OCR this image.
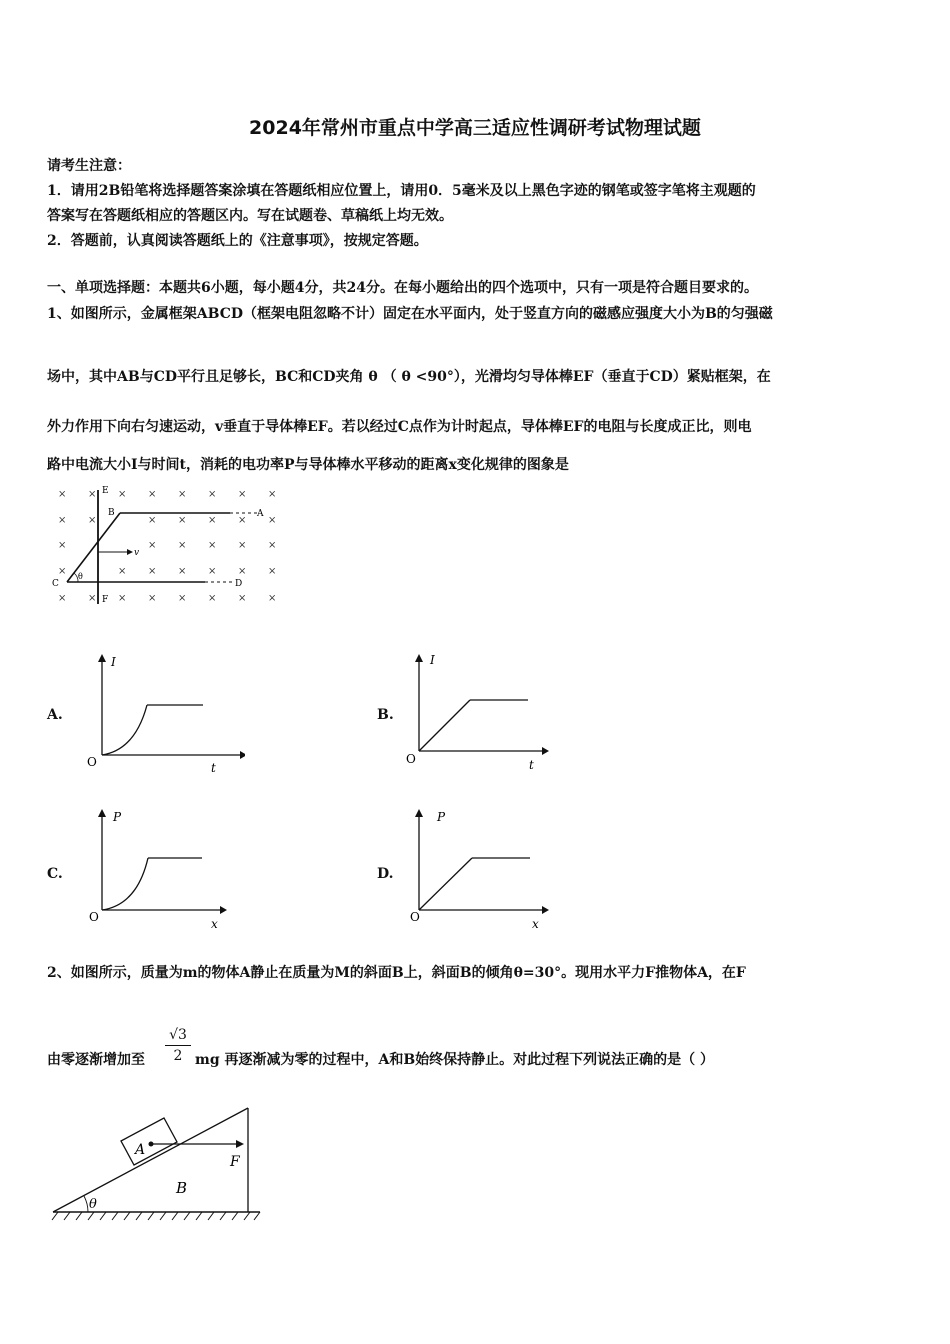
2024年常州市重点中学高三适应性调研考试物理试题
请考生注意：
1．请用2B铅笔将选择题答案涂填在答题纸相应位置上，请用0．5毫米及以上黑色字迹的钢笔或签字笔将主观题的
答案写在答题纸相应的答题区内。写在试题卷、草稿纸上均无效。
2．答题前，认真阅读答题纸上的《注意事项》，按规定答题。
一、单项选择题：本题共6小题，每小题4分，共24分。在每小题给出的四个选项中，只有一项是符合题目要求的。
1、如图所示，金属框架ABCD（框架电阻忽略不计）固定在水平面内，处于竖直方向的磁感应强度大小为B的匀强磁
场中，其中AB与CD平行且足够长，BC和CD夹角 θ （ θ <90°），光滑均匀导体棒EF（垂直于CD）紧贴框架，在
外力作用下向右匀速运动，v垂直于导体棒EF。若以经过C点作为计时起点，导体棒EF的电阻与长度成正比，则电
路中电流大小I与时间t，消耗的电功率P与导体棒水平移动的距离x变化规律的图象是
× × × × × × × ×
× ×	× × × × ×
×	× × × × ×
×	× × × × × ×
× × × × × × × ×
v
θ
E
B	A
C	D
F
A.
I
O	t
B.
I
O	t
C.
P
O	x
D.
P
O	x
2、如图所示，质量为m的物体A静止在质量为M的斜面B上，斜面B的倾角θ=30°。现用水平力F推物体A，在F
由零逐渐增加至 $\frac{√3}{2}$ mg 再逐渐减为零的过程中，A和B始终保持静止。对此过程下列说法正确的是（ ）
θ
A
F
B
